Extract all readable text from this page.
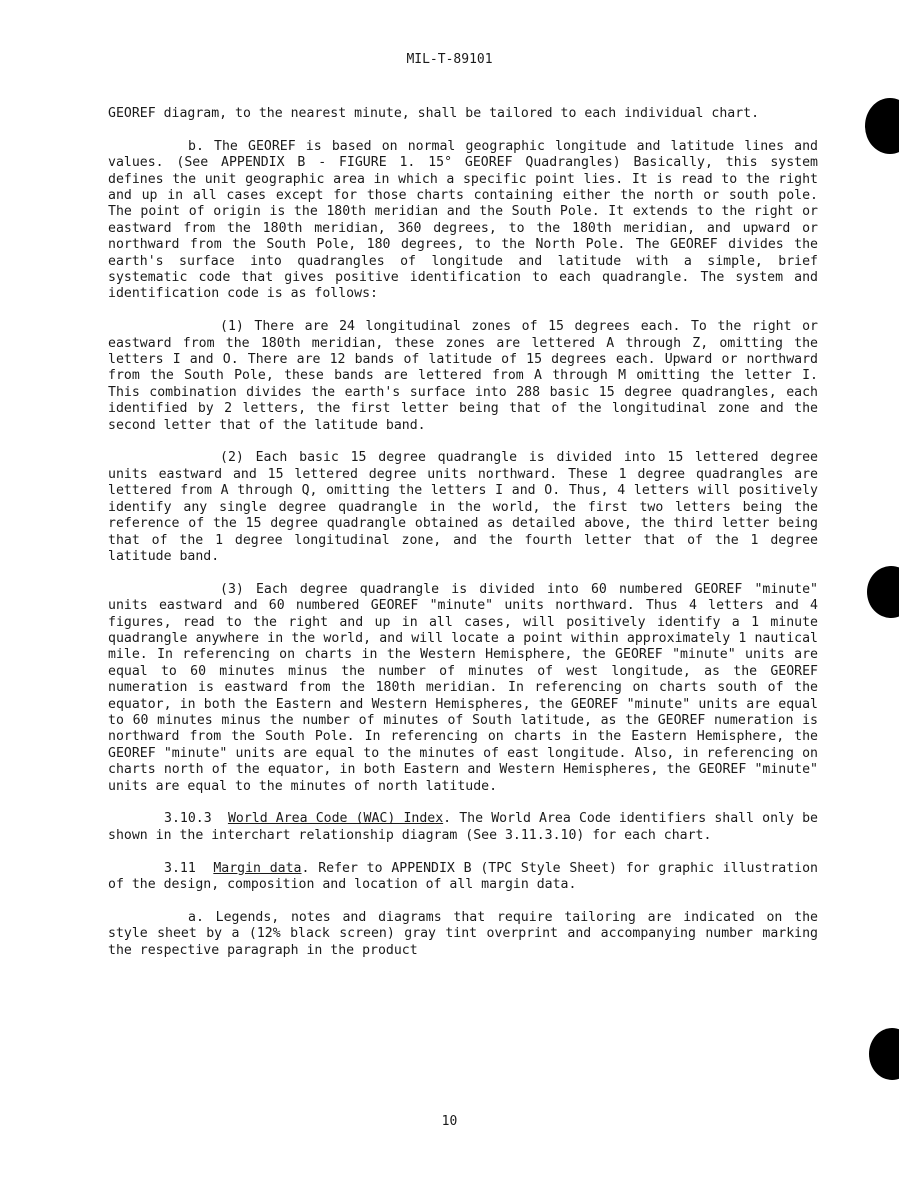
MIL-T-89101

GEOREF diagram, to the nearest minute, shall be tailored to each individual chart.

b. The GEOREF is based on normal geographic longitude and latitude lines and values. (See APPENDIX B - FIGURE 1. 15° GEOREF Quadrangles) Basically, this system defines the unit geographic area in which a specific point lies. It is read to the right and up in all cases except for those charts containing either the north or south pole. The point of origin is the 180th meridian and the South Pole. It extends to the right or eastward from the 180th meridian, 360 degrees, to the 180th meridian, and upward or northward from the South Pole, 180 degrees, to the North Pole. The GEOREF divides the earth's surface into quadrangles of longitude and latitude with a simple, brief systematic code that gives positive identification to each quadrangle. The system and identification code is as follows:

(1) There are 24 longitudinal zones of 15 degrees each. To the right or eastward from the 180th meridian, these zones are lettered A through Z, omitting the letters I and O. There are 12 bands of latitude of 15 degrees each. Upward or northward from the South Pole, these bands are lettered from A through M omitting the letter I. This combination divides the earth's surface into 288 basic 15 degree quadrangles, each identified by 2 letters, the first letter being that of the longitudinal zone and the second letter that of the latitude band.

(2) Each basic 15 degree quadrangle is divided into 15 lettered degree units eastward and 15 lettered degree units northward. These 1 degree quadrangles are lettered from A through Q, omitting the letters I and O. Thus, 4 letters will positively identify any single degree quadrangle in the world, the first two letters being the reference of the 15 degree quadrangle obtained as detailed above, the third letter being that of the 1 degree longitudinal zone, and the fourth letter that of the 1 degree latitude band.

(3) Each degree quadrangle is divided into 60 numbered GEOREF "minute" units eastward and 60 numbered GEOREF "minute" units northward. Thus 4 letters and 4 figures, read to the right and up in all cases, will positively identify a 1 minute quadrangle anywhere in the world, and will locate a point within approximately 1 nautical mile. In referencing on charts in the Western Hemisphere, the GEOREF "minute" units are equal to 60 minutes minus the number of minutes of west longitude, as the GEOREF numeration is eastward from the 180th meridian. In referencing on charts south of the equator, in both the Eastern and Western Hemispheres, the GEOREF "minute" units are equal to 60 minutes minus the number of minutes of South latitude, as the GEOREF numeration is northward from the South Pole. In referencing on charts in the Eastern Hemisphere, the GEOREF "minute" units are equal to the minutes of east longitude. Also, in referencing on charts north of the equator, in both Eastern and Western Hemispheres, the GEOREF "minute" units are equal to the minutes of north latitude.

3.10.3 World Area Code (WAC) Index. The World Area Code identifiers shall only be shown in the interchart relationship diagram (See 3.11.3.10) for each chart.

3.11 Margin data. Refer to APPENDIX B (TPC Style Sheet) for graphic illustration of the design, composition and location of all margin data.

a. Legends, notes and diagrams that require tailoring are indicated on the style sheet by a (12% black screen) gray tint overprint and accompanying number marking the respective paragraph in the product

10
